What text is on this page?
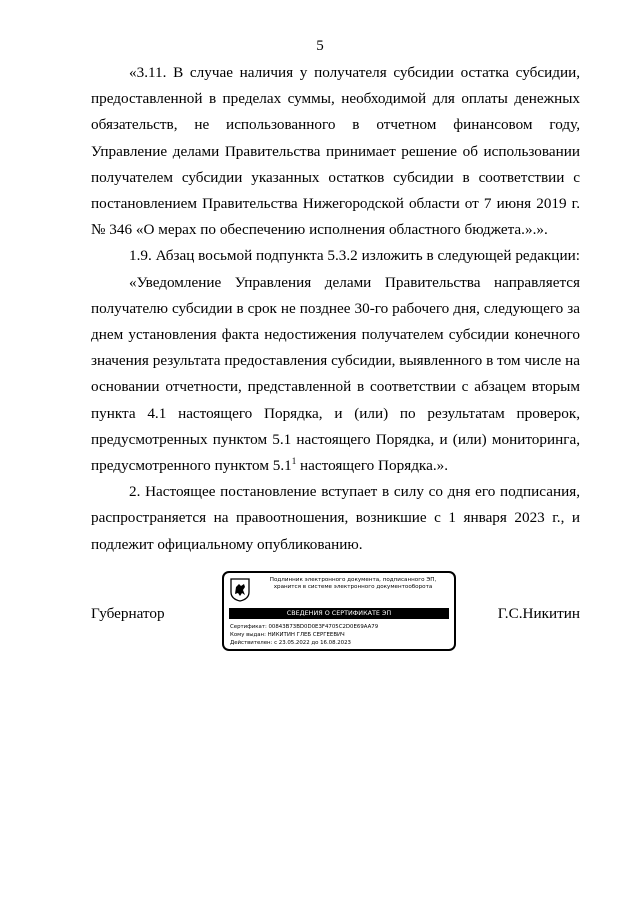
5

«3.11. В случае наличия у получателя субсидии остатка субсидии, предоставленной в пределах суммы, необходимой для оплаты денежных обязательств, не использованного в отчетном финансовом году, Управление делами Правительства принимает решение об использовании получателем субсидии указанных остатков субсидии в соответствии с постановлением Правительства Нижегородской области от 7 июня 2019 г. № 346 «О мерах по обеспечению исполнения областного бюджета.».».

1.9. Абзац восьмой подпункта 5.3.2 изложить в следующей редакции:

«Уведомление Управления делами Правительства направляется получателю субсидии в срок не позднее 30-го рабочего дня, следующего за днем установления факта недостижения получателем субсидии конечного значения результата предоставления субсидии, выявленного в том числе на основании отчетности, представленной в соответствии с абзацем вторым пункта 4.1 настоящего Порядка, и (или) по результатам проверок, предусмотренных пунктом 5.1 настоящего Порядка, и (или) мониторинга, предусмотренного пунктом $5.1^1$ настоящего Порядка.».

2. Настоящее постановление вступает в силу со дня его подписания, распространяется на правоотношения, возникшие с 1 января 2023 г., и подлежит официальному опубликованию.

Губернатор
Подлинник электронного документа, подписанного ЭП,
хранится в системе электронного документооборота
СВЕДЕНИЯ О СЕРТИФИКАТЕ ЭП
Сертификат: 00843B73BD0D0E3F4705C2D0E69AA79
Кому выдан: НИКИТИН ГЛЕБ СЕРГЕЕВИЧ
Действителен: с 23.05.2022 до 16.08.2023
Г.С.Никитин
